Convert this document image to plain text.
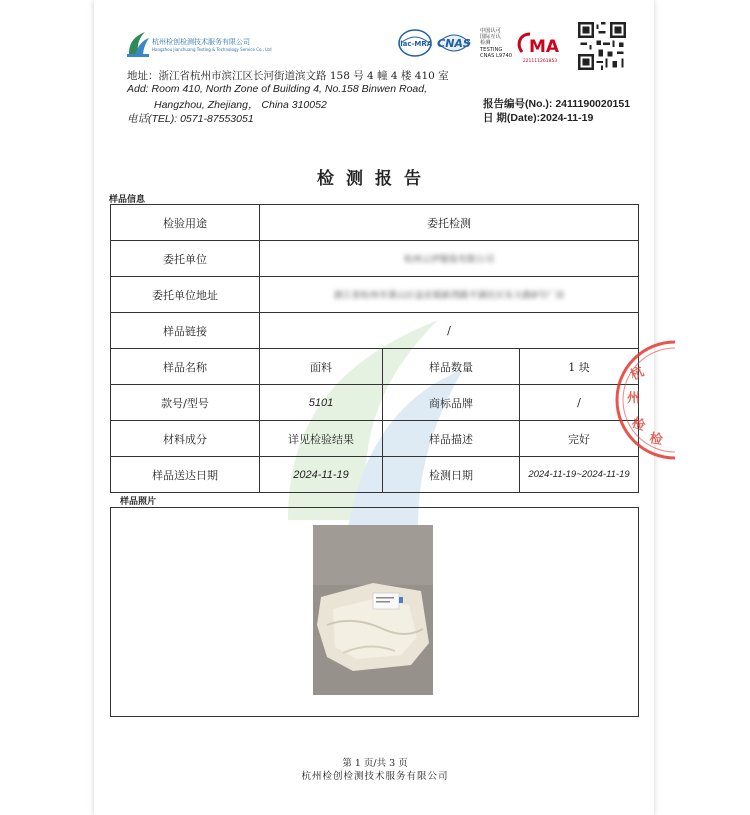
杭州检创检测技术服务有限公司
Hangzhou Jianchuang Testing & Technology Service Co., Ltd
ilac-MRA CNAS
中国认可
国际互认
检测
TESTING
CNAS L9740 MA
221111261853
地址：浙江省杭州市滨江区长河街道滨文路 158 号 4 幢 4 楼 410 室
Add: Room 410, North Zone of Building 4, No.158 Binwen Road,
Hangzhou, Zhejiang， China 310052
电话(TEL): 0571-87553051
报告编号(No.): 2411190020151
日 期(Date):2024-11-19
检测报告
样品信息
检验用途	委托检测		
委托单位	杭州云伊服装有限公司		
委托单位地址	浙江省杭州市萧山区益农镇新湾路平湖社区东大路8号厂房		
样品链接	/		
样品名称	面料	样品数量	1 块
款号/型号	5101	商标品牌	/
材料成分	详见检验结果	样品描述	完好
样品送达日期	2024-11-19	检测日期	2024-11-19~2024-11-19
杭
州
检
检
样品照片
第 1 页/共 3 页
杭州检创检测技术服务有限公司
